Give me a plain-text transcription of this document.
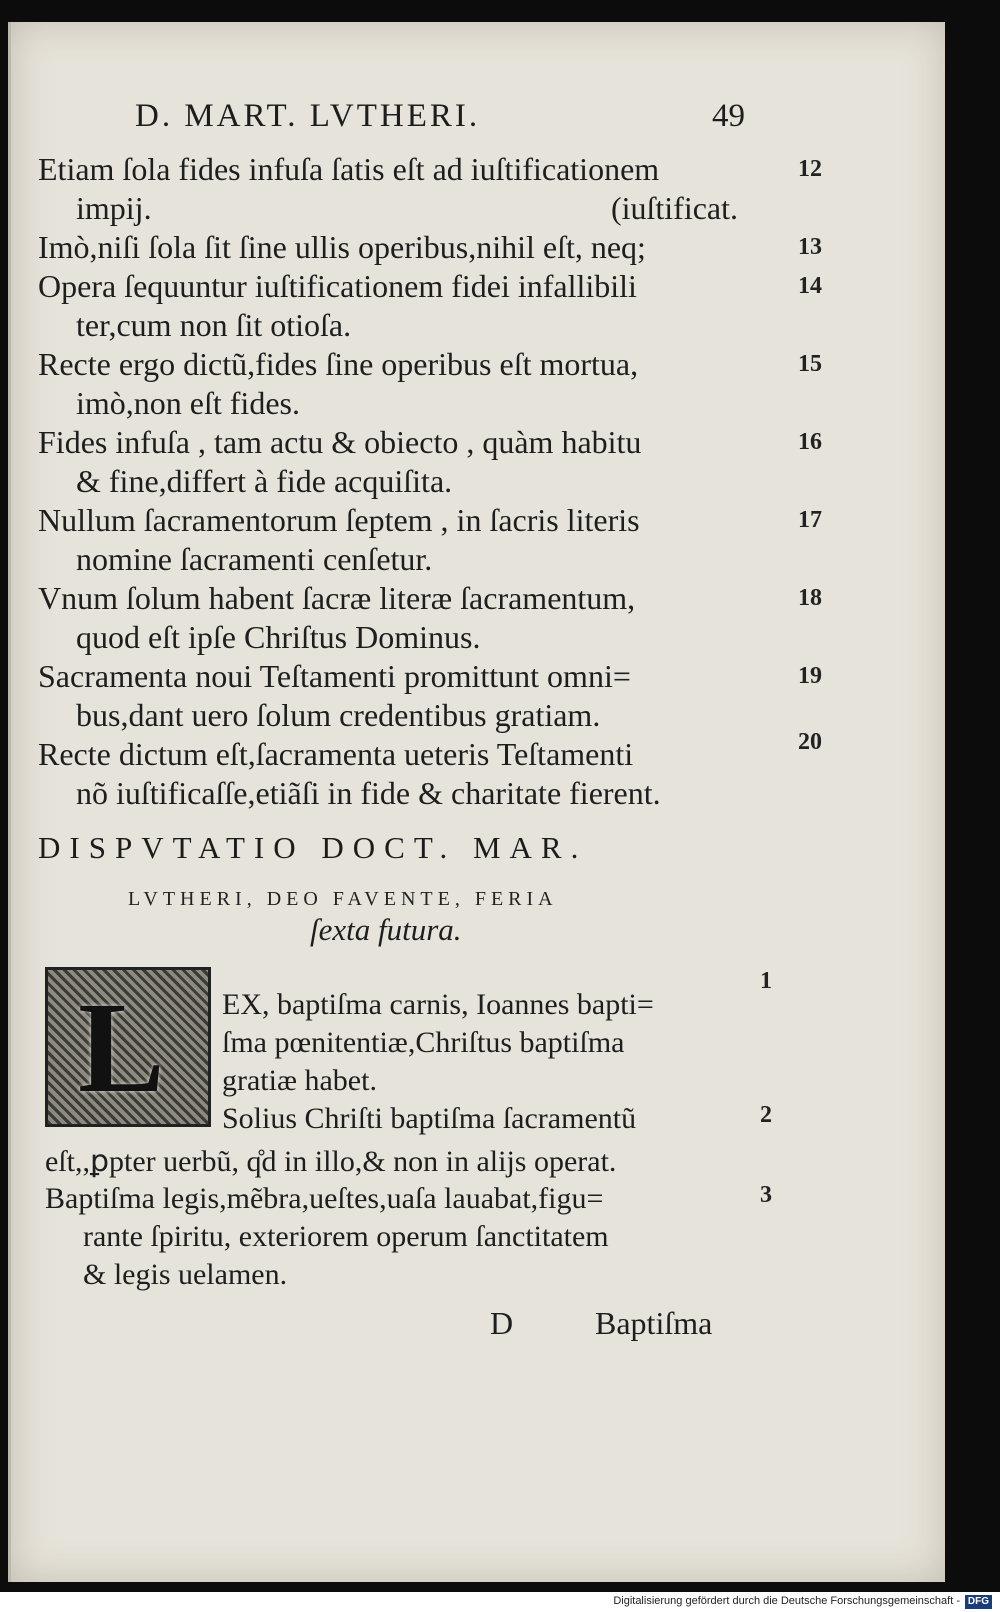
D. MART. LVTHERI.	49
Etiam ſola fides infuſa ſatis eſt ad iuſtificationem	12
impij.	(iuſtificat.
Imò,niſi ſola ſit ſine ullis operibus,nihil eſt, neq;	13
Opera ſequuntur iuſtificationem fidei infallibili	14
ter,cum non ſit otioſa.
Recte ergo dictũ,fides ſine operibus eſt mortua,	15
imò,non eſt fides.
Fides infuſa , tam actu & obiecto , quàm habitu	16
& fine,differt à fide acquiſita.
Nullum ſacramentorum ſeptem , in ſacris literis	17
nomine ſacramenti cenſetur.
Vnum ſolum habent ſacræ literæ ſacramentum,	18
quod eſt ipſe Chriſtus Dominus.
Sacramenta noui Teſtamenti promittunt omni=	19
bus,dant uero ſolum credentibus gratiam.
Recte dictum eſt,ſacramenta ueteris Teſtamenti	20
nõ iuſtificaſſe,etiãſi in fide & charitate fierent.
DISPVTATIO DOCT. MAR.
LVTHERI, DEO FAVENTE, FERIA
ſexta futura.
L EX, baptiſma carnis, Ioannes bapti=
1
ſma pœnitentiæ,Chriſtus baptiſma
gratiæ habet.
Solius Chriſti baptiſma ſacramentũ	2
eſt,,ꝑpter uerbũ, q̊d in illo,& non in alijs operat.
Baptiſma legis,mẽbra,ueſtes,uaſa lauabat,figu=	3
rante ſpiritu, exteriorem operum ſanctitatem
& legis uelamen.
D	Baptiſma
Digitalisierung gefördert durch die Deutsche Forschungsgemeinschaft - DFG
